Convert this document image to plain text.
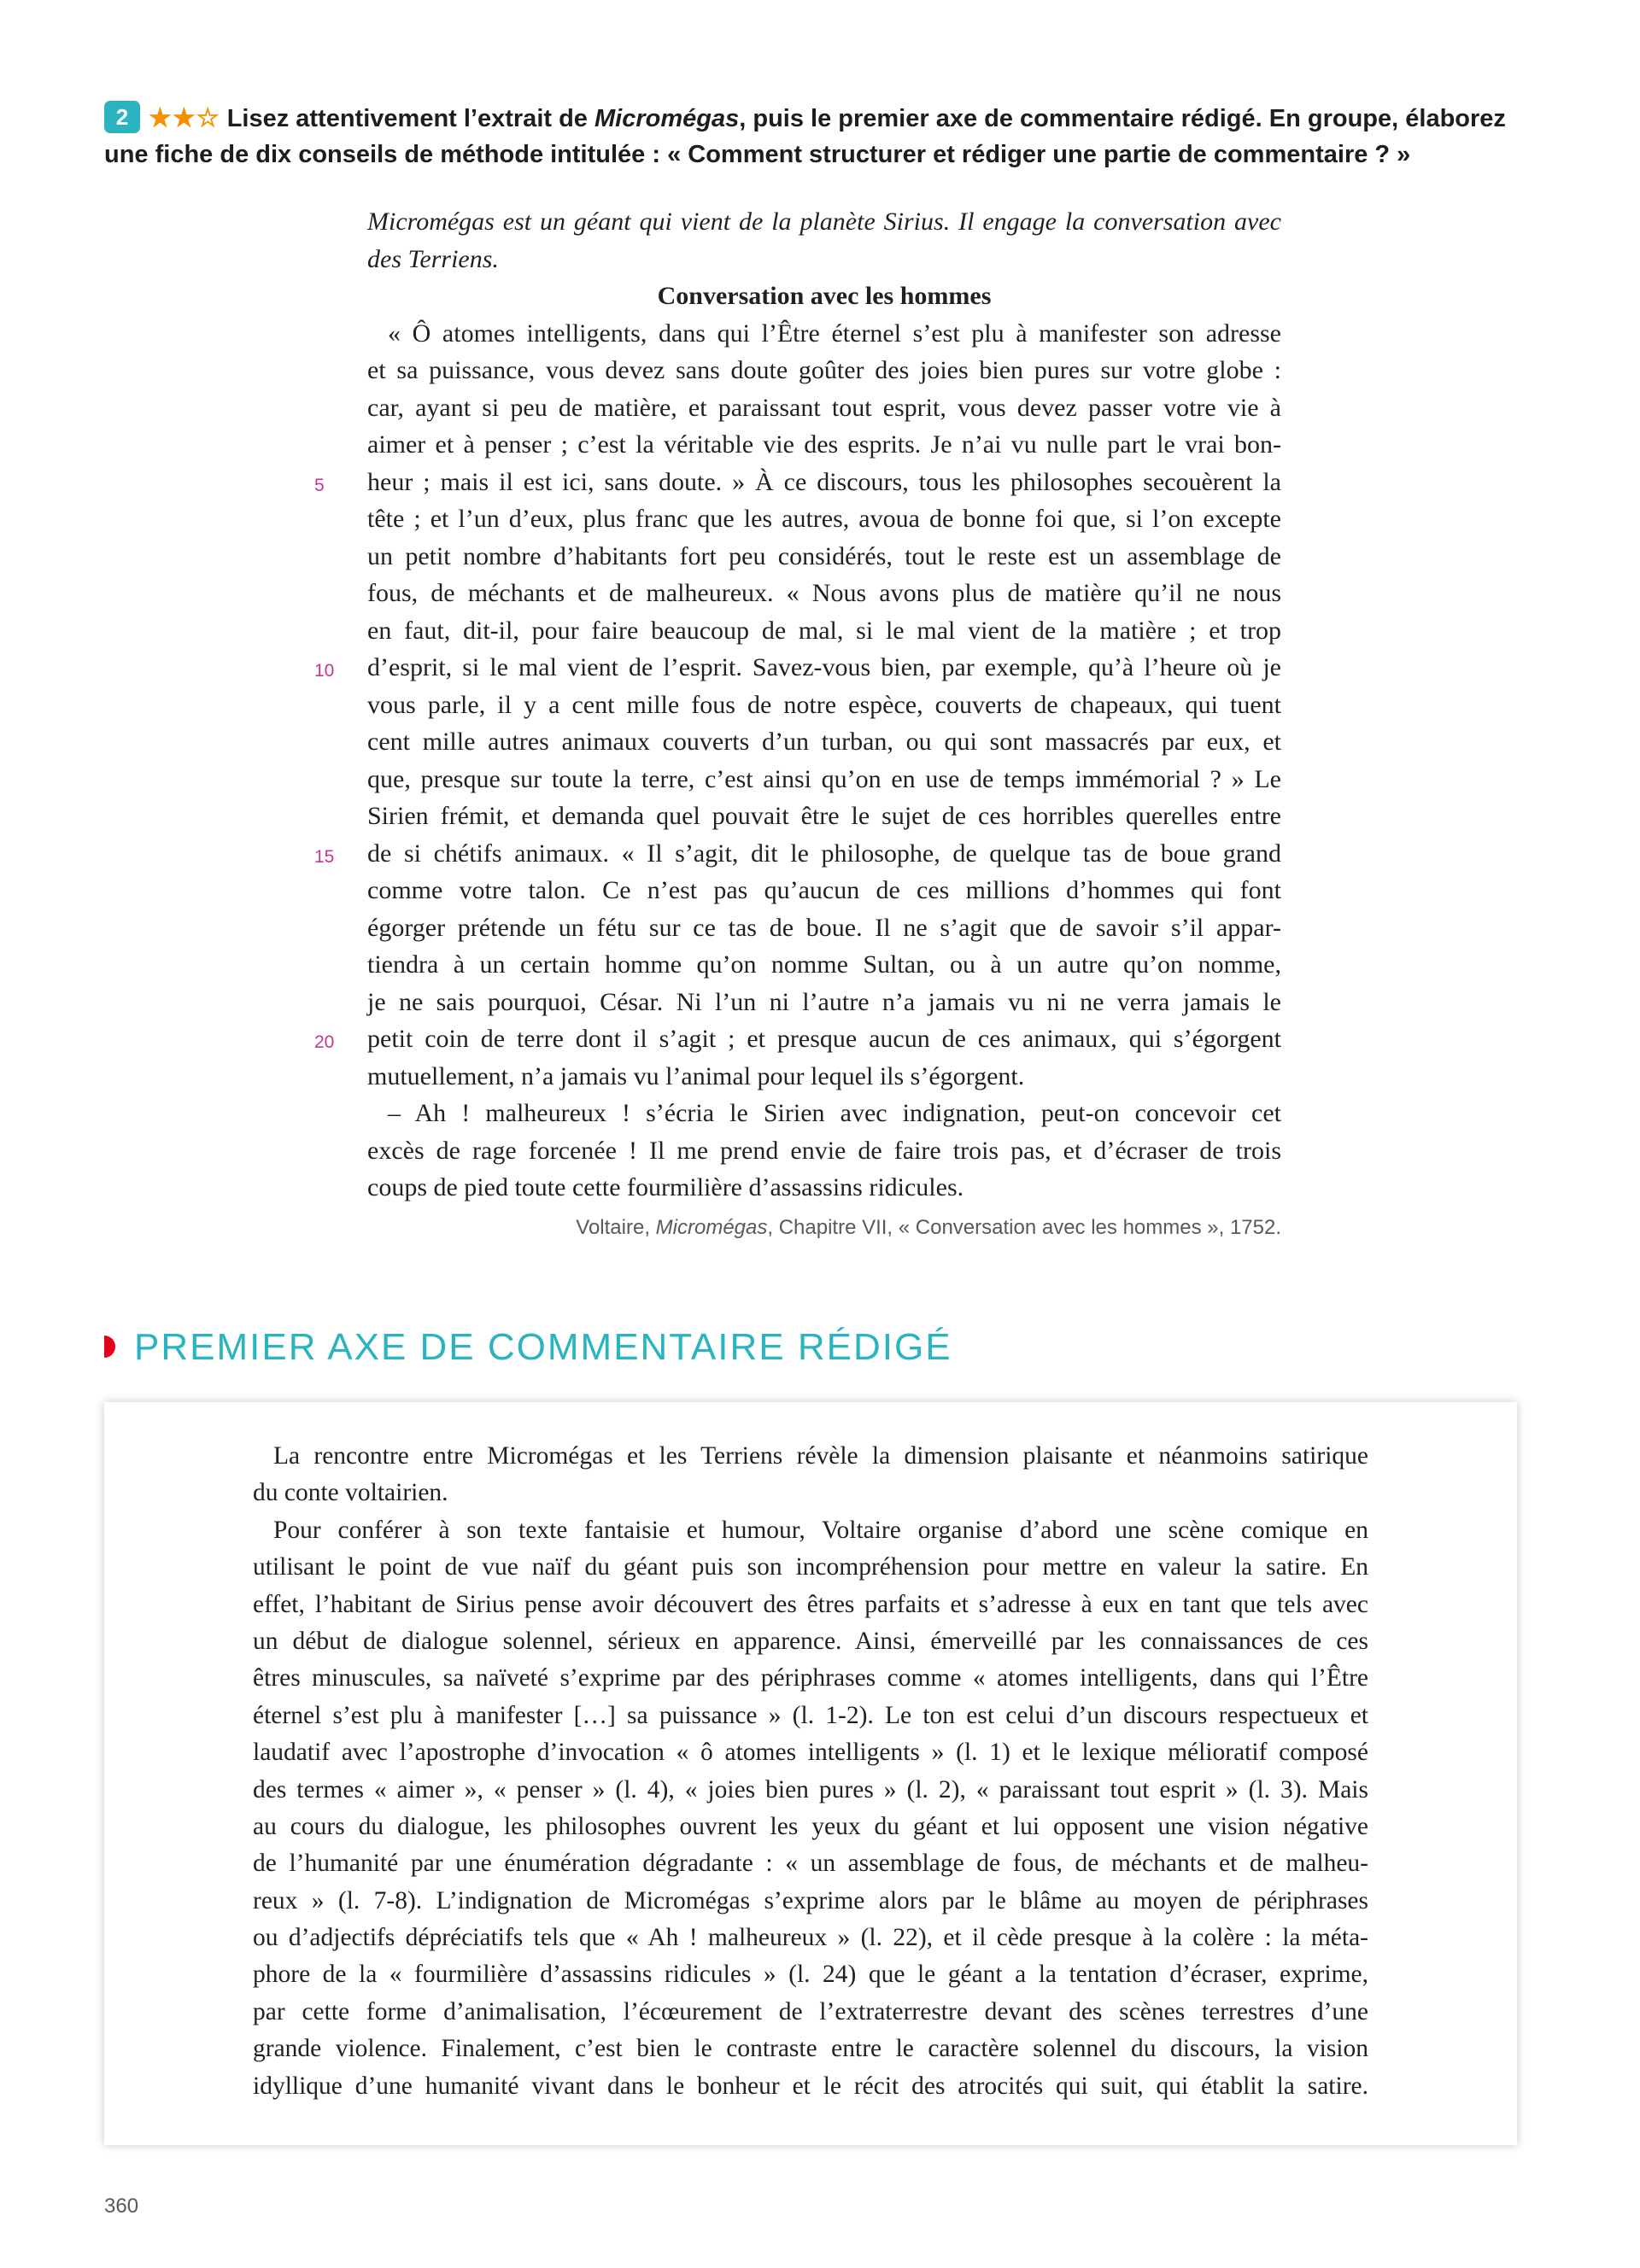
2 ★★☆ Lisez attentivement l’extrait de Micromégas, puis le premier axe de commentaire rédigé. En groupe, élaborez une fiche de dix conseils de méthode intitulée : « Comment structurer et rédiger une partie de commentaire ? »
Micromégas est un géant qui vient de la planète Sirius. Il engage la conversation avec
des Terriens.
Conversation avec les hommes
« Ô atomes intelligents, dans qui l’Être éternel s’est plu à manifester son adresse
et sa puissance, vous devez sans doute goûter des joies bien pures sur votre globe :
car, ayant si peu de matière, et paraissant tout esprit, vous devez passer votre vie à
aimer et à penser ; c’est la véritable vie des esprits. Je n’ai vu nulle part le vrai bon-
5	heur ; mais il est ici, sans doute. » À ce discours, tous les philosophes secouèrent la
tête ; et l’un d’eux, plus franc que les autres, avoua de bonne foi que, si l’on excepte
un petit nombre d’habitants fort peu considérés, tout le reste est un assemblage de
fous, de méchants et de malheureux. « Nous avons plus de matière qu’il ne nous
en faut, dit-il, pour faire beaucoup de mal, si le mal vient de la matière ; et trop
10	d’esprit, si le mal vient de l’esprit. Savez-vous bien, par exemple, qu’à l’heure où je
vous parle, il y a cent mille fous de notre espèce, couverts de chapeaux, qui tuent
cent mille autres animaux couverts d’un turban, ou qui sont massacrés par eux, et
que, presque sur toute la terre, c’est ainsi qu’on en use de temps immémorial ? » Le
Sirien frémit, et demanda quel pouvait être le sujet de ces horribles querelles entre
15	de si chétifs animaux. « Il s’agit, dit le philosophe, de quelque tas de boue grand
comme votre talon. Ce n’est pas qu’aucun de ces millions d’hommes qui font
égorger prétende un fétu sur ce tas de boue. Il ne s’agit que de savoir s’il appar-
tiendra à un certain homme qu’on nomme Sultan, ou à un autre qu’on nomme,
je ne sais pourquoi, César. Ni l’un ni l’autre n’a jamais vu ni ne verra jamais le
20	petit coin de terre dont il s’agit ; et presque aucun de ces animaux, qui s’égorgent
mutuellement, n’a jamais vu l’animal pour lequel ils s’égorgent.
– Ah ! malheureux ! s’écria le Sirien avec indignation, peut-on concevoir cet
excès de rage forcenée ! Il me prend envie de faire trois pas, et d’écraser de trois
coups de pied toute cette fourmilière d’assassins ridicules.
Voltaire, Micromégas, Chapitre VII, « Conversation avec les hommes », 1752.
PREMIER AXE DE COMMENTAIRE RÉDIGÉ
La rencontre entre Micromégas et les Terriens révèle la dimension plaisante et néanmoins satirique
du conte voltairien.
Pour conférer à son texte fantaisie et humour, Voltaire organise d’abord une scène comique en
utilisant le point de vue naïf du géant puis son incompréhension pour mettre en valeur la satire. En
effet, l’habitant de Sirius pense avoir découvert des êtres parfaits et s’adresse à eux en tant que tels avec
un début de dialogue solennel, sérieux en apparence. Ainsi, émerveillé par les connaissances de ces
êtres minuscules, sa naïveté s’exprime par des périphrases comme « atomes intelligents, dans qui l’Être
éternel s’est plu à manifester […] sa puissance » (l. 1-2). Le ton est celui d’un discours respectueux et
laudatif avec l’apostrophe d’invocation « ô atomes intelligents » (l. 1) et le lexique mélioratif composé
des termes « aimer », « penser » (l. 4), « joies bien pures » (l. 2), « paraissant tout esprit » (l. 3). Mais
au cours du dialogue, les philosophes ouvrent les yeux du géant et lui opposent une vision négative
de l’humanité par une énumération dégradante : « un assemblage de fous, de méchants et de malheu-
reux » (l. 7-8). L’indignation de Micromégas s’exprime alors par le blâme au moyen de périphrases
ou d’adjectifs dépréciatifs tels que « Ah ! malheureux » (l. 22), et il cède presque à la colère : la méta-
phore de la « fourmilière d’assassins ridicules » (l. 24) que le géant a la tentation d’écraser, exprime,
par cette forme d’animalisation, l’écœurement de l’extraterrestre devant des scènes terrestres d’une
grande violence. Finalement, c’est bien le contraste entre le caractère solennel du discours, la vision
idyllique d’une humanité vivant dans le bonheur et le récit des atrocités qui suit, qui établit la satire.
360
